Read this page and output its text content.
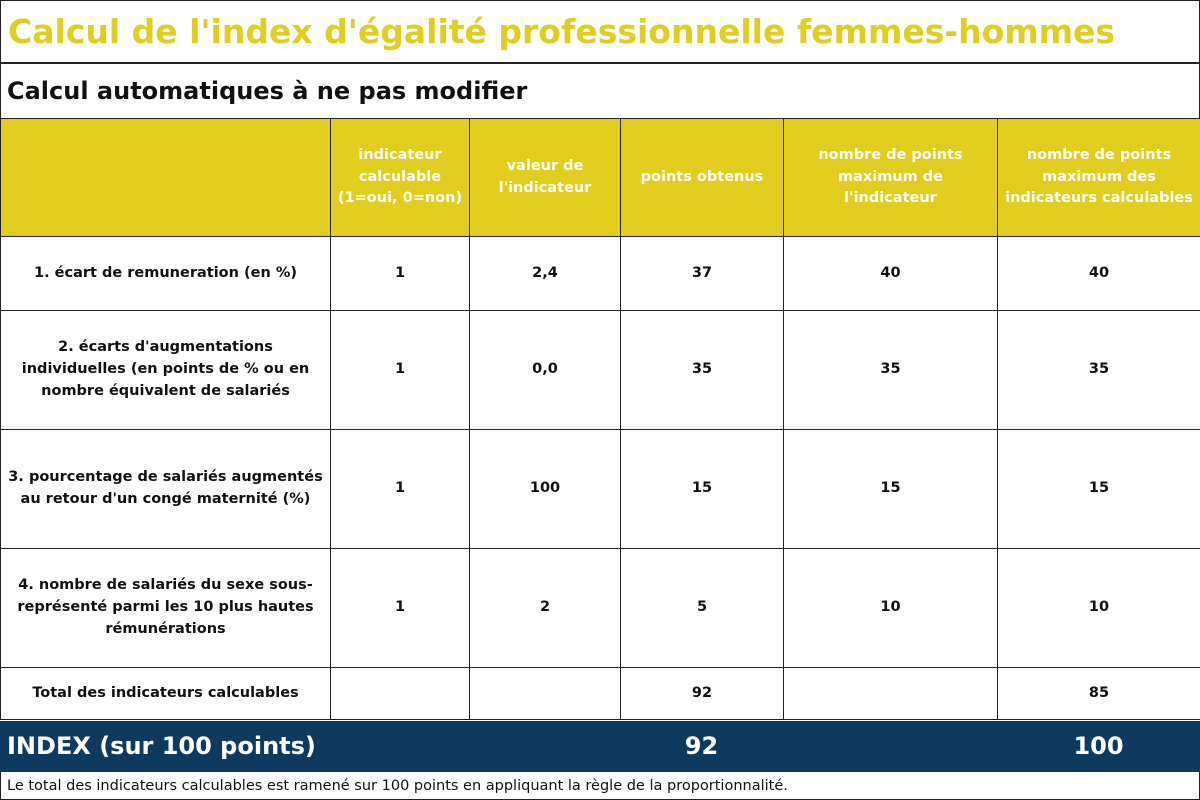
Calcul de l'index d'égalité professionnelle femmes-hommes
Calcul automatiques à ne pas modifier
	indicateur calculable (1=oui, 0=non)	valeur de l'indicateur	points obtenus	nombre de points maximum de l'indicateur	nombre de points maximum des indicateurs calculables
1. écart de remuneration (en %)	1	2,4	37	40	40
2. écarts d'augmentations individuelles (en points de % ou en nombre équivalent de salariés	1	0,0	35	35	35
3. pourcentage de salariés augmentés au retour d'un congé maternité (%)	1	100	15	15	15
4. nombre de salariés du sexe sous-représenté parmi les 10 plus hautes rémunérations	1	2	5	10	10
Total des indicateurs calculables			92		85
INDEX (sur 100 points)	92	100
Le total des indicateurs calculables est ramené sur 100 points en appliquant la règle de la proportionnalité.
